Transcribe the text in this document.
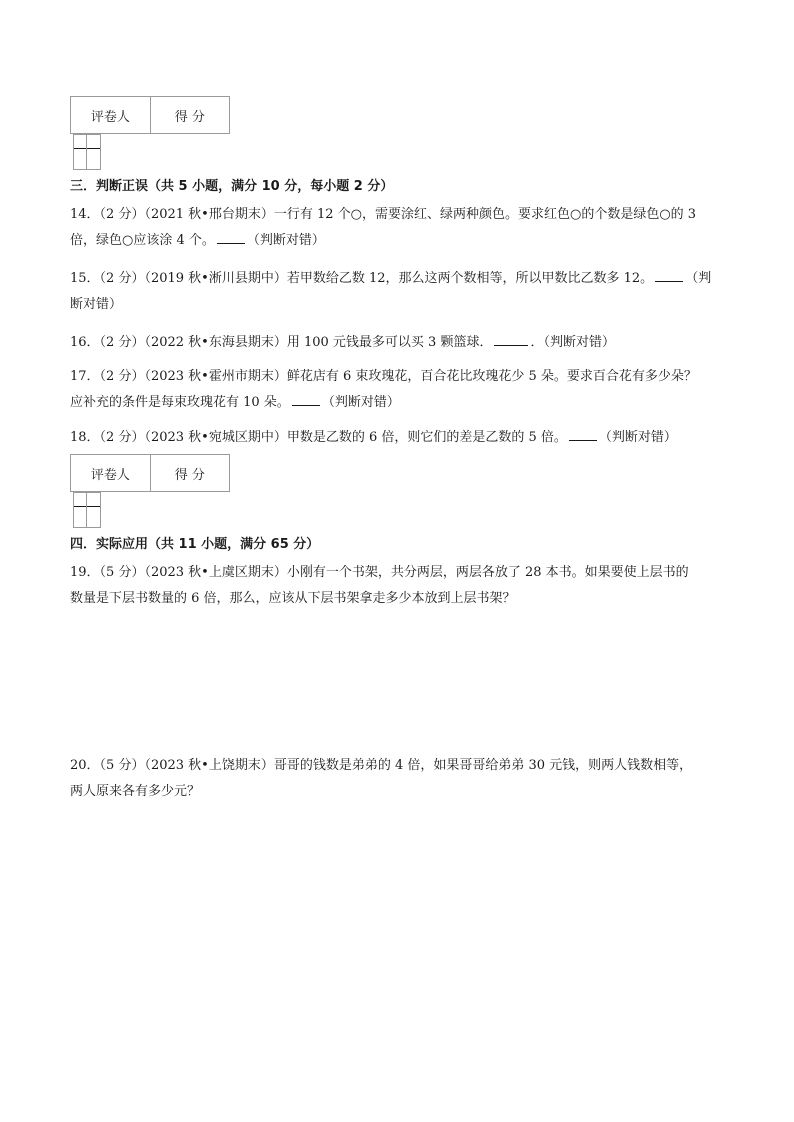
评卷人	得 分

三．判断正误（共 5 小题，满分 10 分，每小题 2 分）
14．（2 分）（2021 秋•邢台期末）一行有 12 个○，需要涂红、绿两种颜色。要求红色○的个数是绿色○的 3
倍，绿色○应该涂 4 个。 （判断对错）
15．（2 分）（2019 秋•淅川县期中）若甲数给乙数 12，那么这两个数相等，所以甲数比乙数多 12。 （判
断对错）
16．（2 分）（2022 秋•东海县期末）用 100 元钱最多可以买 3 颗篮球．	．（判断对错）
17．（2 分）（2023 秋•霍州市期末）鲜花店有 6 束玫瑰花，百合花比玫瑰花少 5 朵。要求百合花有多少朵？
应补充的条件是每束玫瑰花有 10 朵。 （判断对错）
18．（2 分）（2023 秋•宛城区期中）甲数是乙数的 6 倍，则它们的差是乙数的 5 倍。 （判断对错）
评卷人	得 分

四．实际应用（共 11 小题，满分 65 分）
19．（5 分）（2023 秋•上虞区期末）小刚有一个书架，共分两层，两层各放了 28 本书。如果要使上层书的
数量是下层书数量的 6 倍，那么，应该从下层书架拿走多少本放到上层书架？
20．（5 分）（2023 秋•上饶期末）哥哥的钱数是弟弟的 4 倍，如果哥哥给弟弟 30 元钱，则两人钱数相等，
两人原来各有多少元？
